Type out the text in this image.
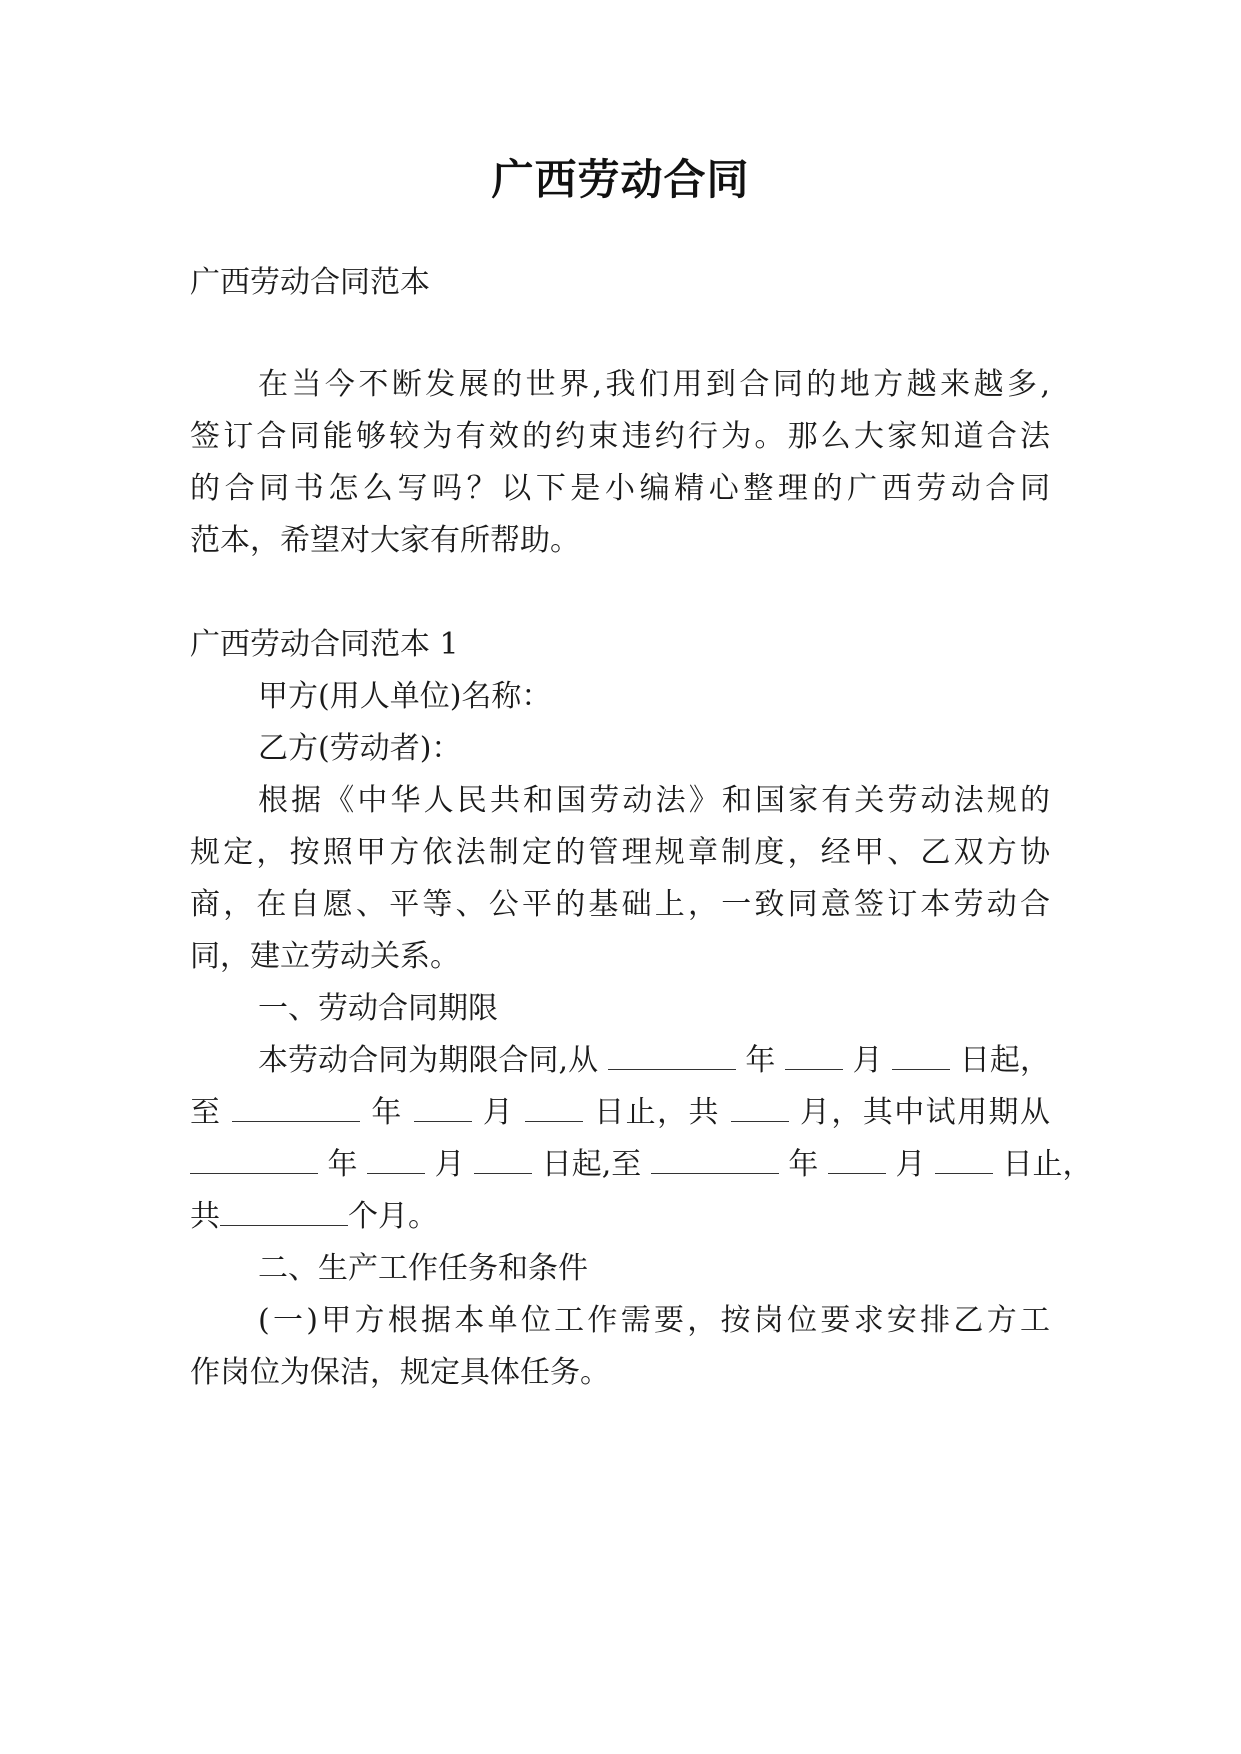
广西劳动合同
广西劳动合同范本
在当今不断发展的世界,我们用到合同的地方越来越多,
签订合同能够较为有效的约束违约行为。那么大家知道合法
的合同书怎么写吗？以下是小编精心整理的广西劳动合同
范本，希望对大家有所帮助。
广西劳动合同范本 1
甲方(用人单位)名称：
乙方(劳动者)：
根据《中华人民共和国劳动法》和国家有关劳动法规的
规定，按照甲方依法制定的管理规章制度，经甲、乙双方协
商，在自愿、平等、公平的基础上，一致同意签订本劳动合
同，建立劳动关系。
一、劳动合同期限
本劳动合同为期限合同,从	年	月	日起，
至	年	月	日止，共	月，其中试用期从
年	月	日起,至	年	月	日止，
共	个月。
二、生产工作任务和条件
(一)甲方根据本单位工作需要，按岗位要求安排乙方工
作岗位为保洁，规定具体任务。
